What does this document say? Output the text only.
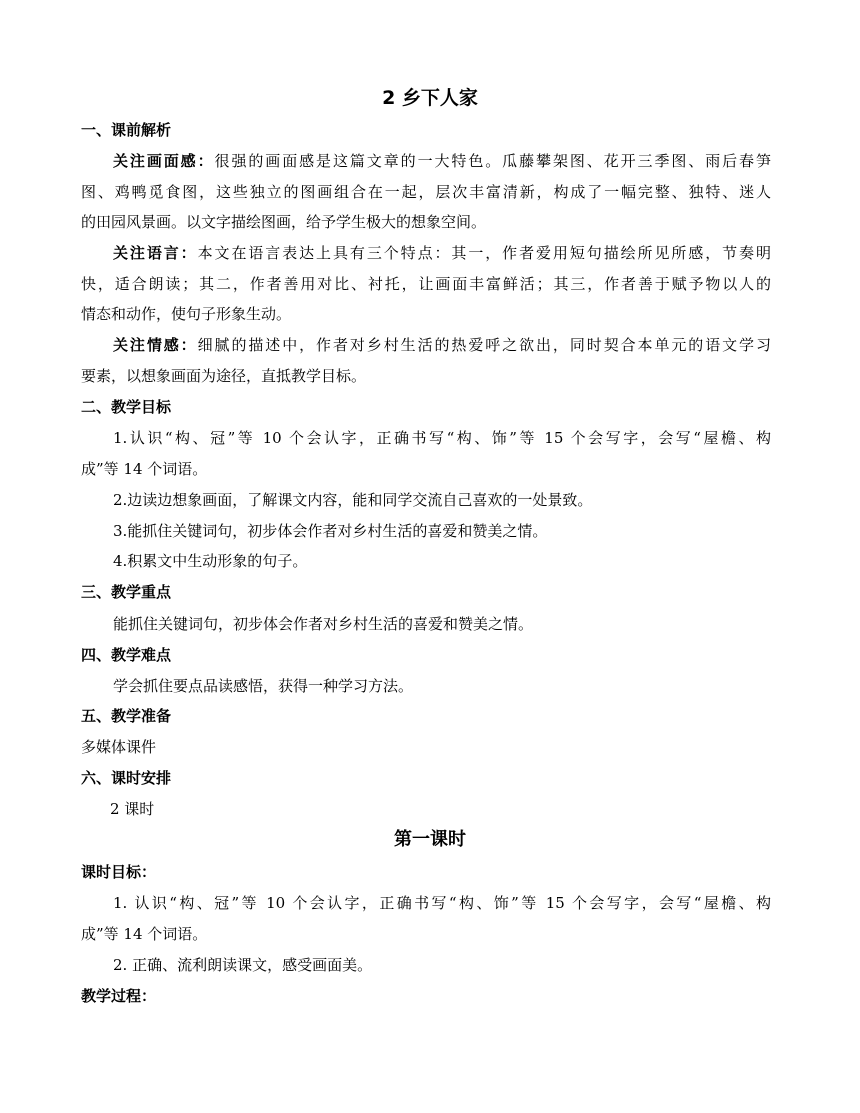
2 乡下人家
一、课前解析
关注画面感：很强的画面感是这篇文章的一大特色。瓜藤攀架图、花开三季图、雨后春笋
图、鸡鸭觅食图，这些独立的图画组合在一起，层次丰富清新，构成了一幅完整、独特、迷人
的田园风景画。以文字描绘图画，给予学生极大的想象空间。
关注语言：本文在语言表达上具有三个特点：其一，作者爱用短句描绘所见所感，节奏明
快，适合朗读；其二，作者善用对比、衬托，让画面丰富鲜活；其三，作者善于赋予物以人的
情态和动作，使句子形象生动。
关注情感：细腻的描述中，作者对乡村生活的热爱呼之欲出，同时契合本单元的语文学习
要素，以想象画面为途径，直抵教学目标。
二、教学目标
1.认识“构、冠”等 10 个会认字，正确书写“构、饰”等 15 个会写字，会写“屋檐、构
成”等 14 个词语。
2.边读边想象画面，了解课文内容，能和同学交流自己喜欢的一处景致。
3.能抓住关键词句，初步体会作者对乡村生活的喜爱和赞美之情。
4.积累文中生动形象的句子。
三、教学重点
能抓住关键词句，初步体会作者对乡村生活的喜爱和赞美之情。
四、教学难点
学会抓住要点品读感悟，获得一种学习方法。
五、教学准备
多媒体课件
六、课时安排
2 课时
第一课时
课时目标：
1. 认识“构、冠”等 10 个会认字，正确书写“构、饰”等 15 个会写字，会写“屋檐、构
成”等 14 个词语。
2. 正确、流利朗读课文，感受画面美。
教学过程：
